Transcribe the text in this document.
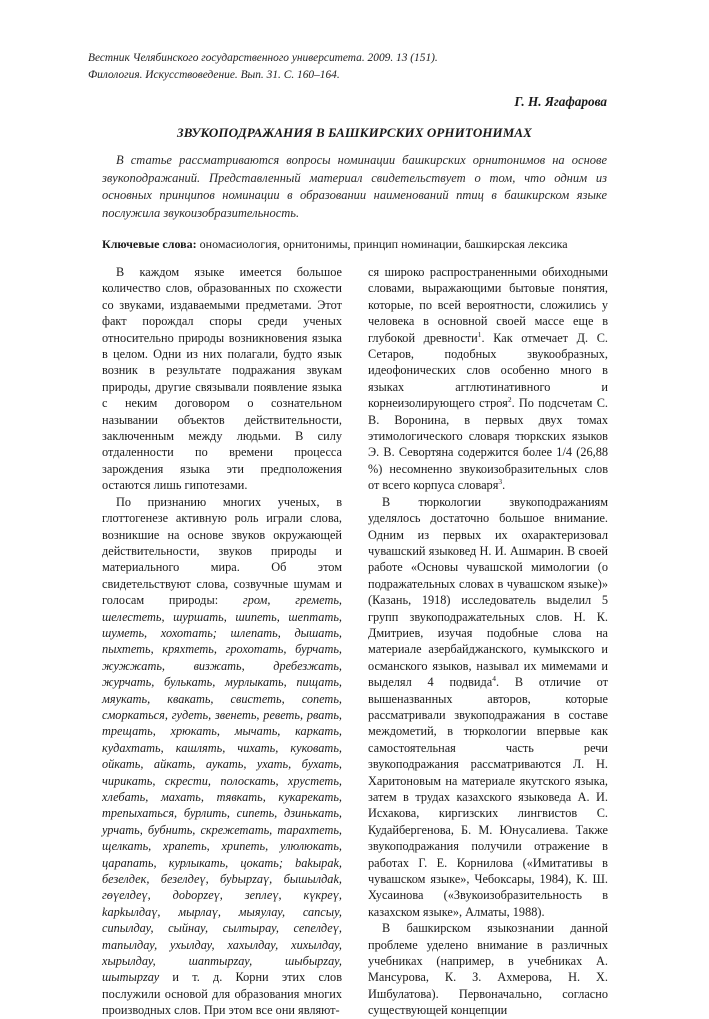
Вестник Челябинского государственного университета. 2009. 13 (151).
Филология. Искусствоведение. Вып. 31. С. 160–164.
Г. Н. Ягафарова
ЗВУКОПОДРАЖАНИЯ В БАШКИРСКИХ ОРНИТОНИМАХ

В статье рассматриваются вопросы номинации башкирских орнитонимов на основе звукоподражаний. Представленный материал свидетельствует о том, что одним из основных принципов номинации в образовании наименований птиц в башкирском языке послужила звукоизобразительность.

Ключевые слова: ономасиология, орнитонимы, принцип номинации, башкирская лексика

В каждом языке имеется большое количество слов, образованных по схожести со звуками, издаваемыми предметами. Этот факт порождал споры среди ученых относительно природы возникновения языка в целом. Одни из них полагали, будто язык возник в результате подражания звукам природы, другие связывали появление языка с неким договором о сознательном назывании объектов действительности, заключенным между людьми. В силу отдаленности по времени процесса зарождения языка эти предположения остаются лишь гипотезами.

По признанию многих ученых, в глоттогенезе активную роль играли слова, возникшие на основе звуков окружающей действительности, звуков природы и материального мира. Об этом свидетельствуют слова, созвучные шумам и голосам природы: гром, греметь, шелестеть, шуршать, шипеть, шептать, шуметь, хохотать; шлепать, дышать, пыхтеть, кряхтеть, грохотать, бурчать, жужжать, визжать, дребезжать, журчать, булькать, мурлыкать, пищать, мяукать, квакать, свистеть, сопеть, сморкаться, гудеть, звенеть, реветь, рвать, трещать, хрюкать, мычать, каркать, кудахтать, кашлять, чихать, куковать, ойкать, айкать, аукать, ухать, бухать, чирикать, скрести, полоскать, хрустеть, хлебать, махать, тявкать, кукарекать, трепыхаться, бурлить, сипеть, дзинькать, урчать, бубнить, скрежетать, тарахтеть, щелкать, храпеть, хрипеть, улюлюкать, царапать, курлыкать, цокать; bаkыраk, безелдек, безелдеү, буbырzаү, бышылдаk, гөүелдеү, доbорzеү, зеплеү, күкреү, kарkылдаү, мырлаү, мыяулау, сапсыу, сипылдау, сыйнау, сылтырау, сепелдеү, тапылдау, ухылдау, хахылдау, хихылдау, хырылдау, шаптырzау, шыбырzау, шытырzау и т. д. Корни этих слов послужили основой для образования многих производных слов. При этом все они являют-

ся широко распространенными обиходными словами, выражающими бытовые понятия, которые, по всей вероятности, сложились у человека в основной своей массе еще в глубокой древности$^1$. Как отмечает Д. С. Сетаров, подобных звукообразных, идеофонических слов особенно много в языках агглютинативного и корнеизолирующего строя$^2$. По подсчетам С. В. Воронина, в первых двух томах этимологического словаря тюркских языков Э. В. Севортяна содержится более 1/4 (26,88 %) несомненно звукоизобразительных слов от всего корпуса словаря$^3$.

В тюркологии звукоподражаниям уделялось достаточно большое внимание. Одним из первых их охарактеризовал чувашский языковед Н. И. Ашмарин. В своей работе «Основы чувашской мимологии (о подражательных словах в чувашском языке)» (Казань, 1918) исследователь выделил 5 групп звукоподражательных слов. Н. К. Дмитриев, изучая подобные слова на материале азербайджанского, кумыкского и османского языков, называл их мимемами и выделял 4 подвида$^4$. В отличие от вышеназванных авторов, которые рассматривали звукоподражания в составе междометий, в тюркологии впервые как самостоятельная часть речи звукоподражания рассматриваются Л. Н. Харитоновым на материале якутского языка, затем в трудах казахского языковеда А. И. Исхакова, киргизских лингвистов С. Кудайбергенова, Б. М. Юнусалиева. Также звукоподражания получили отражение в работах Г. Е. Корнилова («Имитативы в чувашском языке», Чебоксары, 1984), К. Ш. Хусаинова («Звукоизобразительность в казахском языке», Алматы, 1988).

В башкирском языкознании данной проблеме уделено внимание в различных учебниках (например, в учебниках А. Мансурова, К. З. Ахмерова, Н. Х. Ишбулатова). Первоначально, согласно существующей концепции
